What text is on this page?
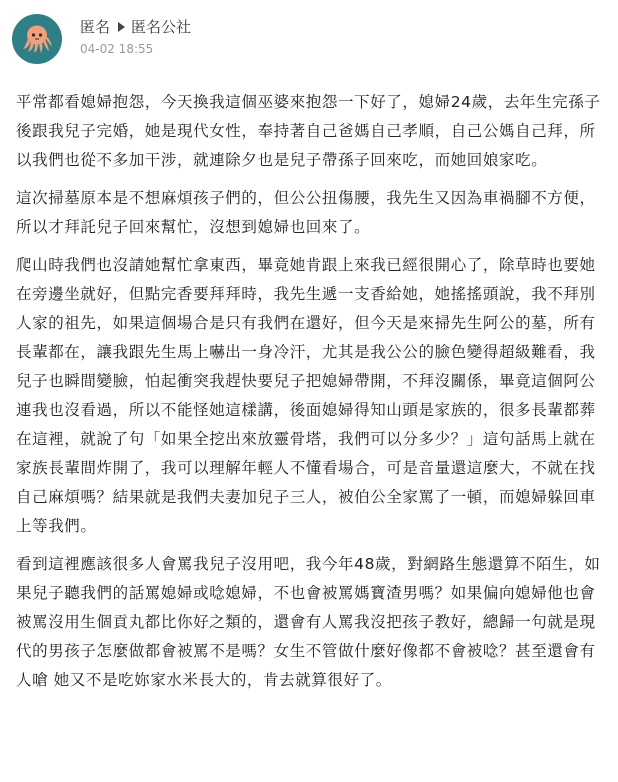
匿名 匿名公社
04-02 18:55

平常都看媳婦抱怨，今天換我這個巫婆來抱怨一下好了，媳婦24歲，去年生完孫子後跟我兒子完婚，她是現代女性，奉持著自己爸媽自己孝順，自己公媽自己拜，所以我們也從不多加干涉，就連除夕也是兒子帶孫子回來吃，而她回娘家吃。

這次掃墓原本是不想麻煩孩子們的，但公公扭傷腰，我先生又因為車禍腳不方便，所以才拜託兒子回來幫忙，沒想到媳婦也回來了。

爬山時我們也沒請她幫忙拿東西，畢竟她肯跟上來我已經很開心了，除草時也要她在旁邊坐就好，但點完香要拜拜時，我先生遞一支香給她，她搖搖頭說，我不拜別人家的祖先，如果這個場合是只有我們在還好，但今天是來掃先生阿公的墓，所有長輩都在，讓我跟先生馬上嚇出一身冷汗，尤其是我公公的臉色變得超級難看，我兒子也瞬間變臉，怕起衝突我趕快要兒子把媳婦帶開，不拜沒關係，畢竟這個阿公連我也沒看過，所以不能怪她這樣講，後面媳婦得知山頭是家族的，很多長輩都葬在這裡，就說了句「如果全挖出來放靈骨塔，我們可以分多少？」這句話馬上就在家族長輩間炸開了，我可以理解年輕人不懂看場合，可是音量還這麼大，不就在找自己麻煩嗎？結果就是我們夫妻加兒子三人，被伯公全家罵了一頓，而媳婦躲回車上等我們。

看到這裡應該很多人會罵我兒子沒用吧，我今年48歲，對網路生態還算不陌生，如果兒子聽我們的話罵媳婦或唸媳婦，不也會被罵媽寶渣男嗎？如果偏向媳婦他也會被罵沒用生個貢丸都比你好之類的，還會有人罵我沒把孩子教好，總歸一句就是現代的男孩子怎麼做都會被罵不是嗎？女生不管做什麼好像都不會被唸？甚至還會有人嗆 她又不是吃妳家水米長大的，肯去就算很好了。
